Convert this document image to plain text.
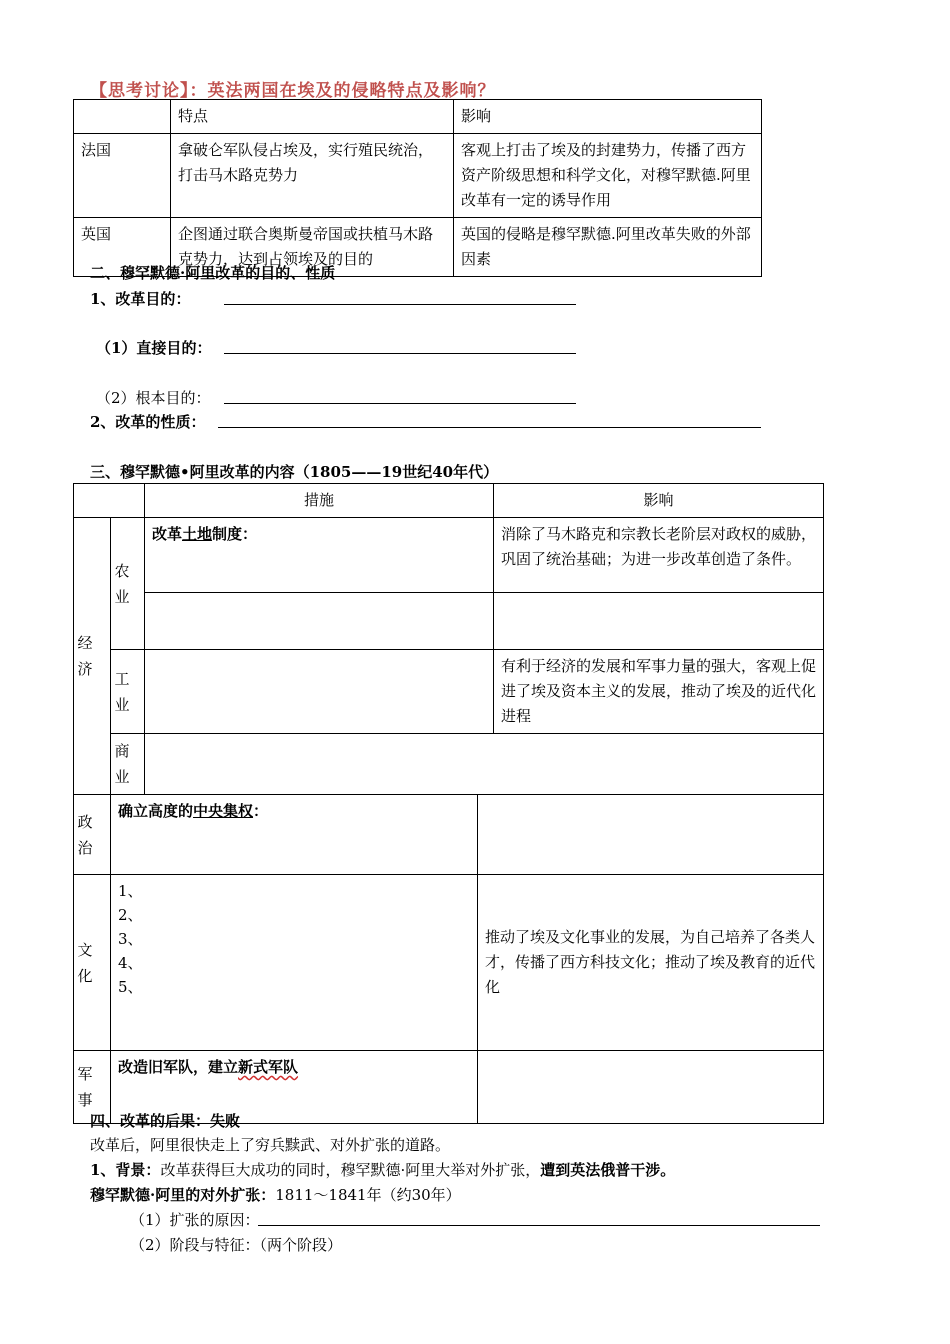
【思考讨论】：英法两国在埃及的侵略特点及影响？
	特点	影响
法国	拿破仑军队侵占埃及，实行殖民统治，打击马木路克势力	客观上打击了埃及的封建势力，传播了西方资产阶级思想和科学文化，对穆罕默德.阿里改革有一定的诱导作用
英国	企图通过联合奥斯曼帝国或扶植马木路克势力，达到占领埃及的目的	英国的侵略是穆罕默德.阿里改革失败的外部因素
二、穆罕默德·阿里改革的目的、性质
1、改革目的：
（1）直接目的：
（2）根本目的：
2、改革的性质：
三、穆罕默德•阿里改革的内容（1805——19世纪40年代）
		措施		影响

经济	农业	改革土地制度：		消除了马木路克和宗教长老阶层对政权的威胁，巩固了统治基础；为进一步改革创造了条件。

	工业			有利于经济的发展和军事力量的强大，客观上促进了埃及资本主义的发展，推动了埃及的近代化进程

	商业			

政治	确立高度的中央集权：			

文化	1、
2、
3、
4、
5、		推动了埃及文化事业的发展，为自己培养了各类人才，传播了西方科技文化；推动了埃及教育的近代化	

军事	改造旧军队，建立新式军队			
四、改革的后果：失败
改革后，阿里很快走上了穷兵黩武、对外扩张的道路。
1、背景：改革获得巨大成功的同时，穆罕默德·阿里大举对外扩张，遭到英法俄普干涉。
穆罕默德·阿里的对外扩张：1811～1841年（约30年）
（1）扩张的原因：
（2）阶段与特征：（两个阶段）
